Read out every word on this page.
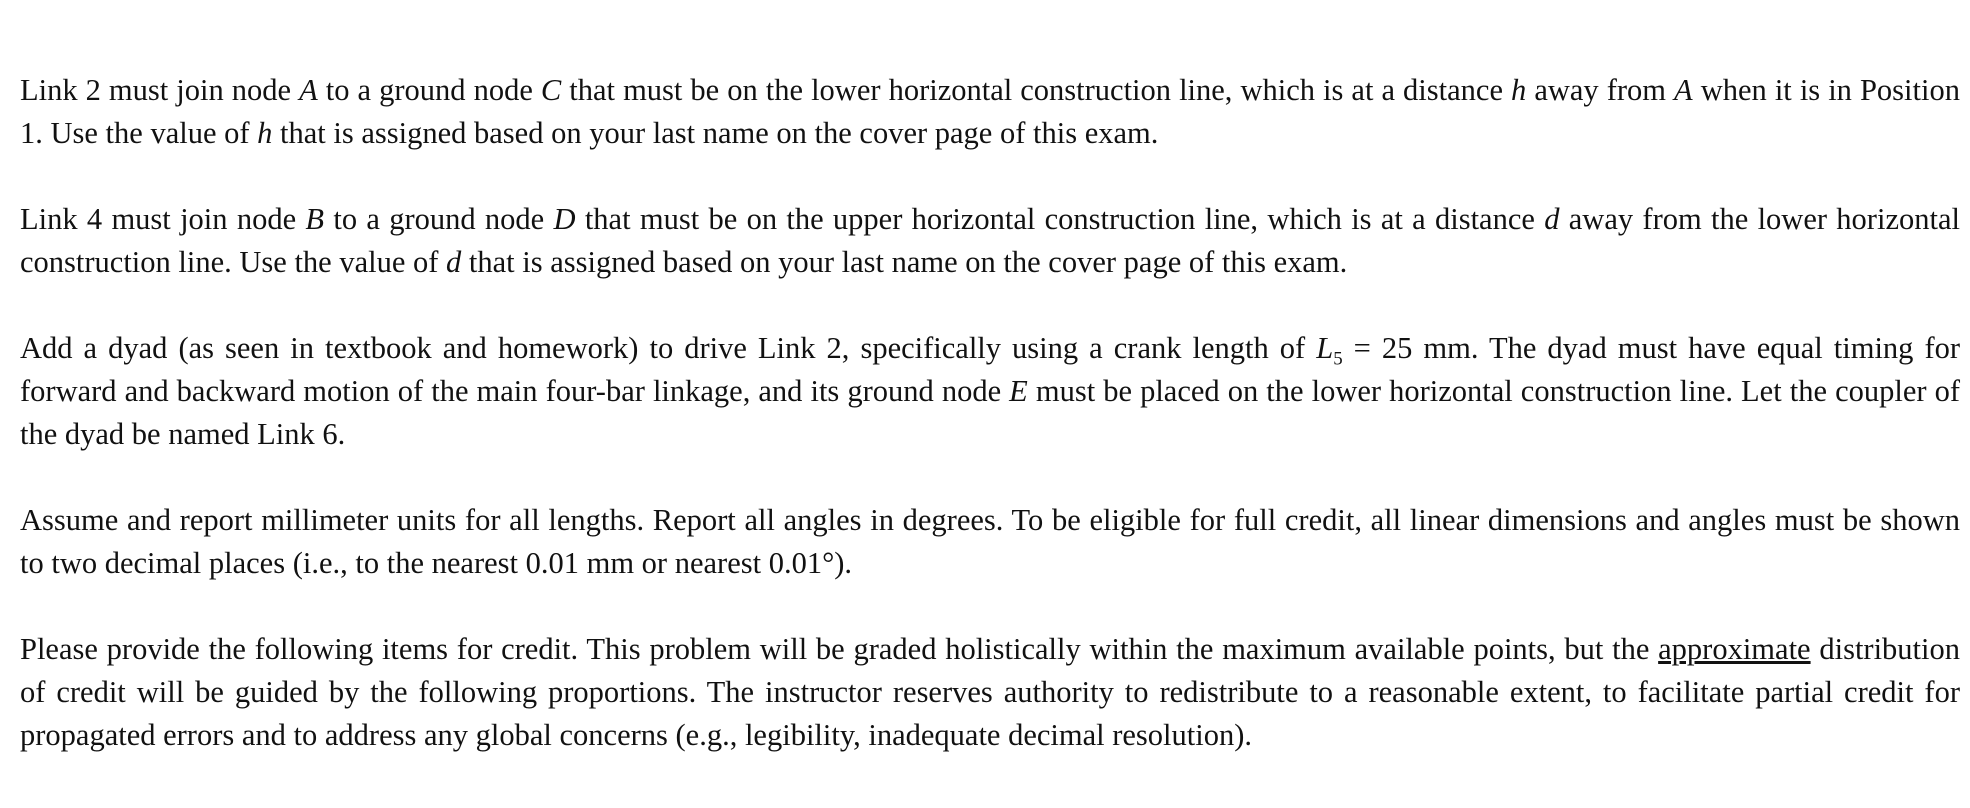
Link 2 must join node A to a ground node C that must be on the lower horizontal construction line, which is at a distance h away from A when it is in Position 1. Use the value of h that is assigned based on your last name on the cover page of this exam.

Link 4 must join node B to a ground node D that must be on the upper horizontal construction line, which is at a distance d away from the lower horizontal construction line. Use the value of d that is assigned based on your last name on the cover page of this exam.

Add a dyad (as seen in textbook and homework) to drive Link 2, specifically using a crank length of $L_5 = 25$ mm. The dyad must have equal timing for forward and backward motion of the main four-bar linkage, and its ground node E must be placed on the lower horizontal construction line. Let the coupler of the dyad be named Link 6.

Assume and report millimeter units for all lengths. Report all angles in degrees. To be eligible for full credit, all linear dimensions and angles must be shown to two decimal places (i.e., to the nearest 0.01 mm or nearest 0.01°).

Please provide the following items for credit. This problem will be graded holistically within the maximum available points, but the approximate distribution of credit will be guided by the following proportions. The instructor reserves authority to redistribute to a reasonable extent, to facilitate partial credit for propagated errors and to address any global concerns (e.g., legibility, inadequate decimal resolution).
